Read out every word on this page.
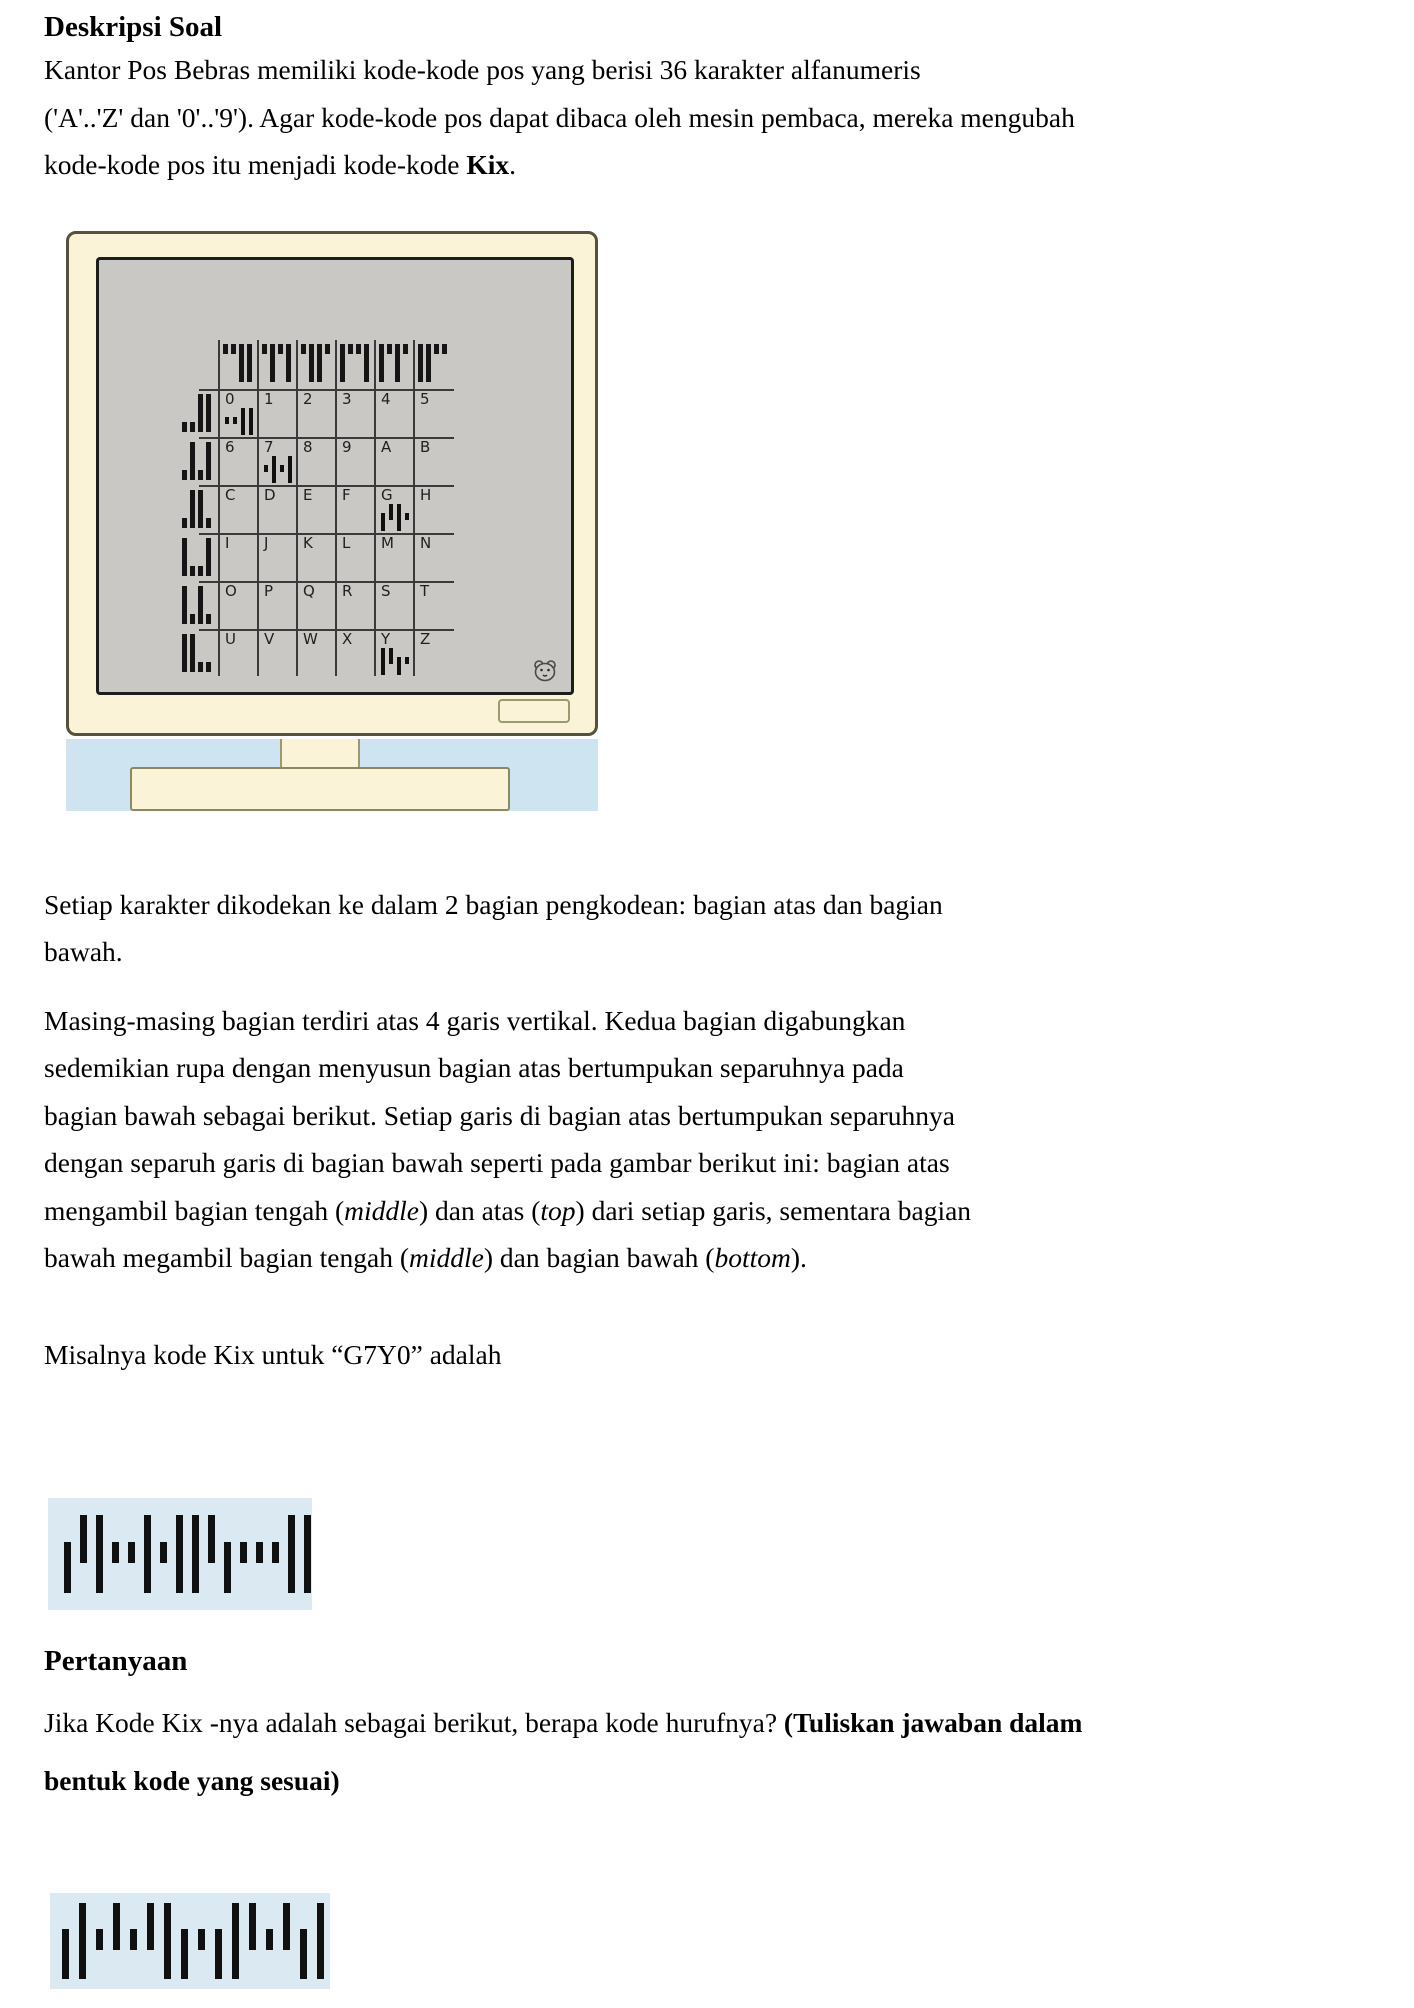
Deskripsi Soal
Kantor Pos Bebras memiliki kode-kode pos yang berisi 36 karakter alfanumeris
('A'..'Z' dan '0'..'9'). Agar kode-kode pos dapat dibaca oleh mesin pembaca, mereka mengubah
kode-kode pos itu menjadi kode-kode Kix.
0	1	2	3	4	5
6	7	8	9	A	B
C	D	E	F	G	H
I	J	K	L	M	N
O	P	Q	R	S	T
U	V	W	X	Y	Z
Setiap karakter dikodekan ke dalam 2 bagian pengkodean: bagian atas dan bagian
bawah.
Masing-masing bagian terdiri atas 4 garis vertikal. Kedua bagian digabungkan
sedemikian rupa dengan menyusun bagian atas bertumpukan separuhnya pada
bagian bawah sebagai berikut. Setiap garis di bagian atas bertumpukan separuhnya
dengan separuh garis di bagian bawah seperti pada gambar berikut ini: bagian atas
mengambil bagian tengah (middle) dan atas (top) dari setiap garis, sementara bagian
bawah megambil bagian tengah (middle) dan bagian bawah (bottom).
Misalnya kode Kix untuk “G7Y0” adalah
Pertanyaan
Jika Kode Kix -nya adalah sebagai berikut, berapa kode hurufnya? (Tuliskan jawaban dalam
bentuk kode yang sesuai)
